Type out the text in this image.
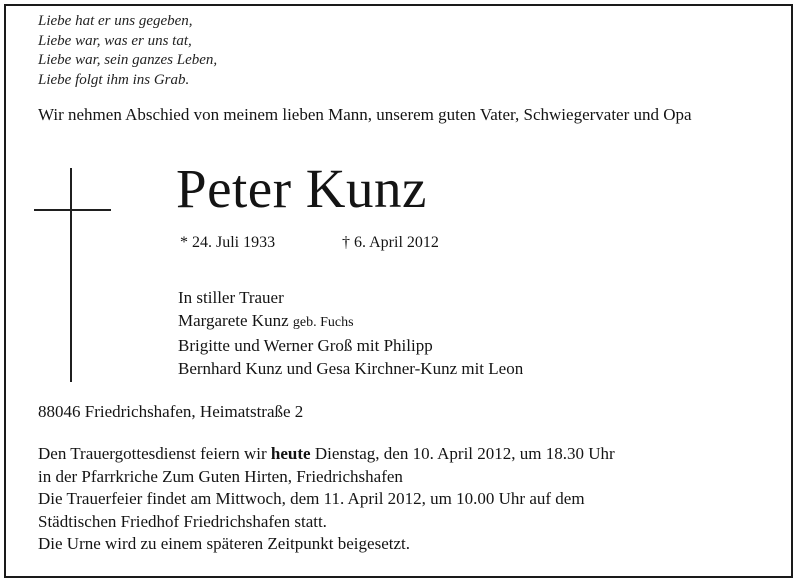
Liebe hat er uns gegeben,
Liebe war, was er uns tat,
Liebe war, sein ganzes Leben,
Liebe folgt ihm ins Grab.
Wir nehmen Abschied von meinem lieben Mann, unserem guten Vater, Schwiegervater und Opa
Peter Kunz
* 24. Juli 1933	† 6. April 2012
In stiller Trauer
Margarete Kunz geb. Fuchs
Brigitte und Werner Groß mit Philipp
Bernhard Kunz und Gesa Kirchner-Kunz mit Leon
88046 Friedrichshafen, Heimatstraße 2
Den Trauergottesdienst feiern wir heute Dienstag, den 10. April 2012, um 18.30 Uhr
in der Pfarrkriche Zum Guten Hirten, Friedrichshafen
Die Trauerfeier findet am Mittwoch, dem 11. April 2012, um 10.00 Uhr auf dem
Städtischen Friedhof Friedrichshafen statt.
Die Urne wird zu einem späteren Zeitpunkt beigesetzt.
